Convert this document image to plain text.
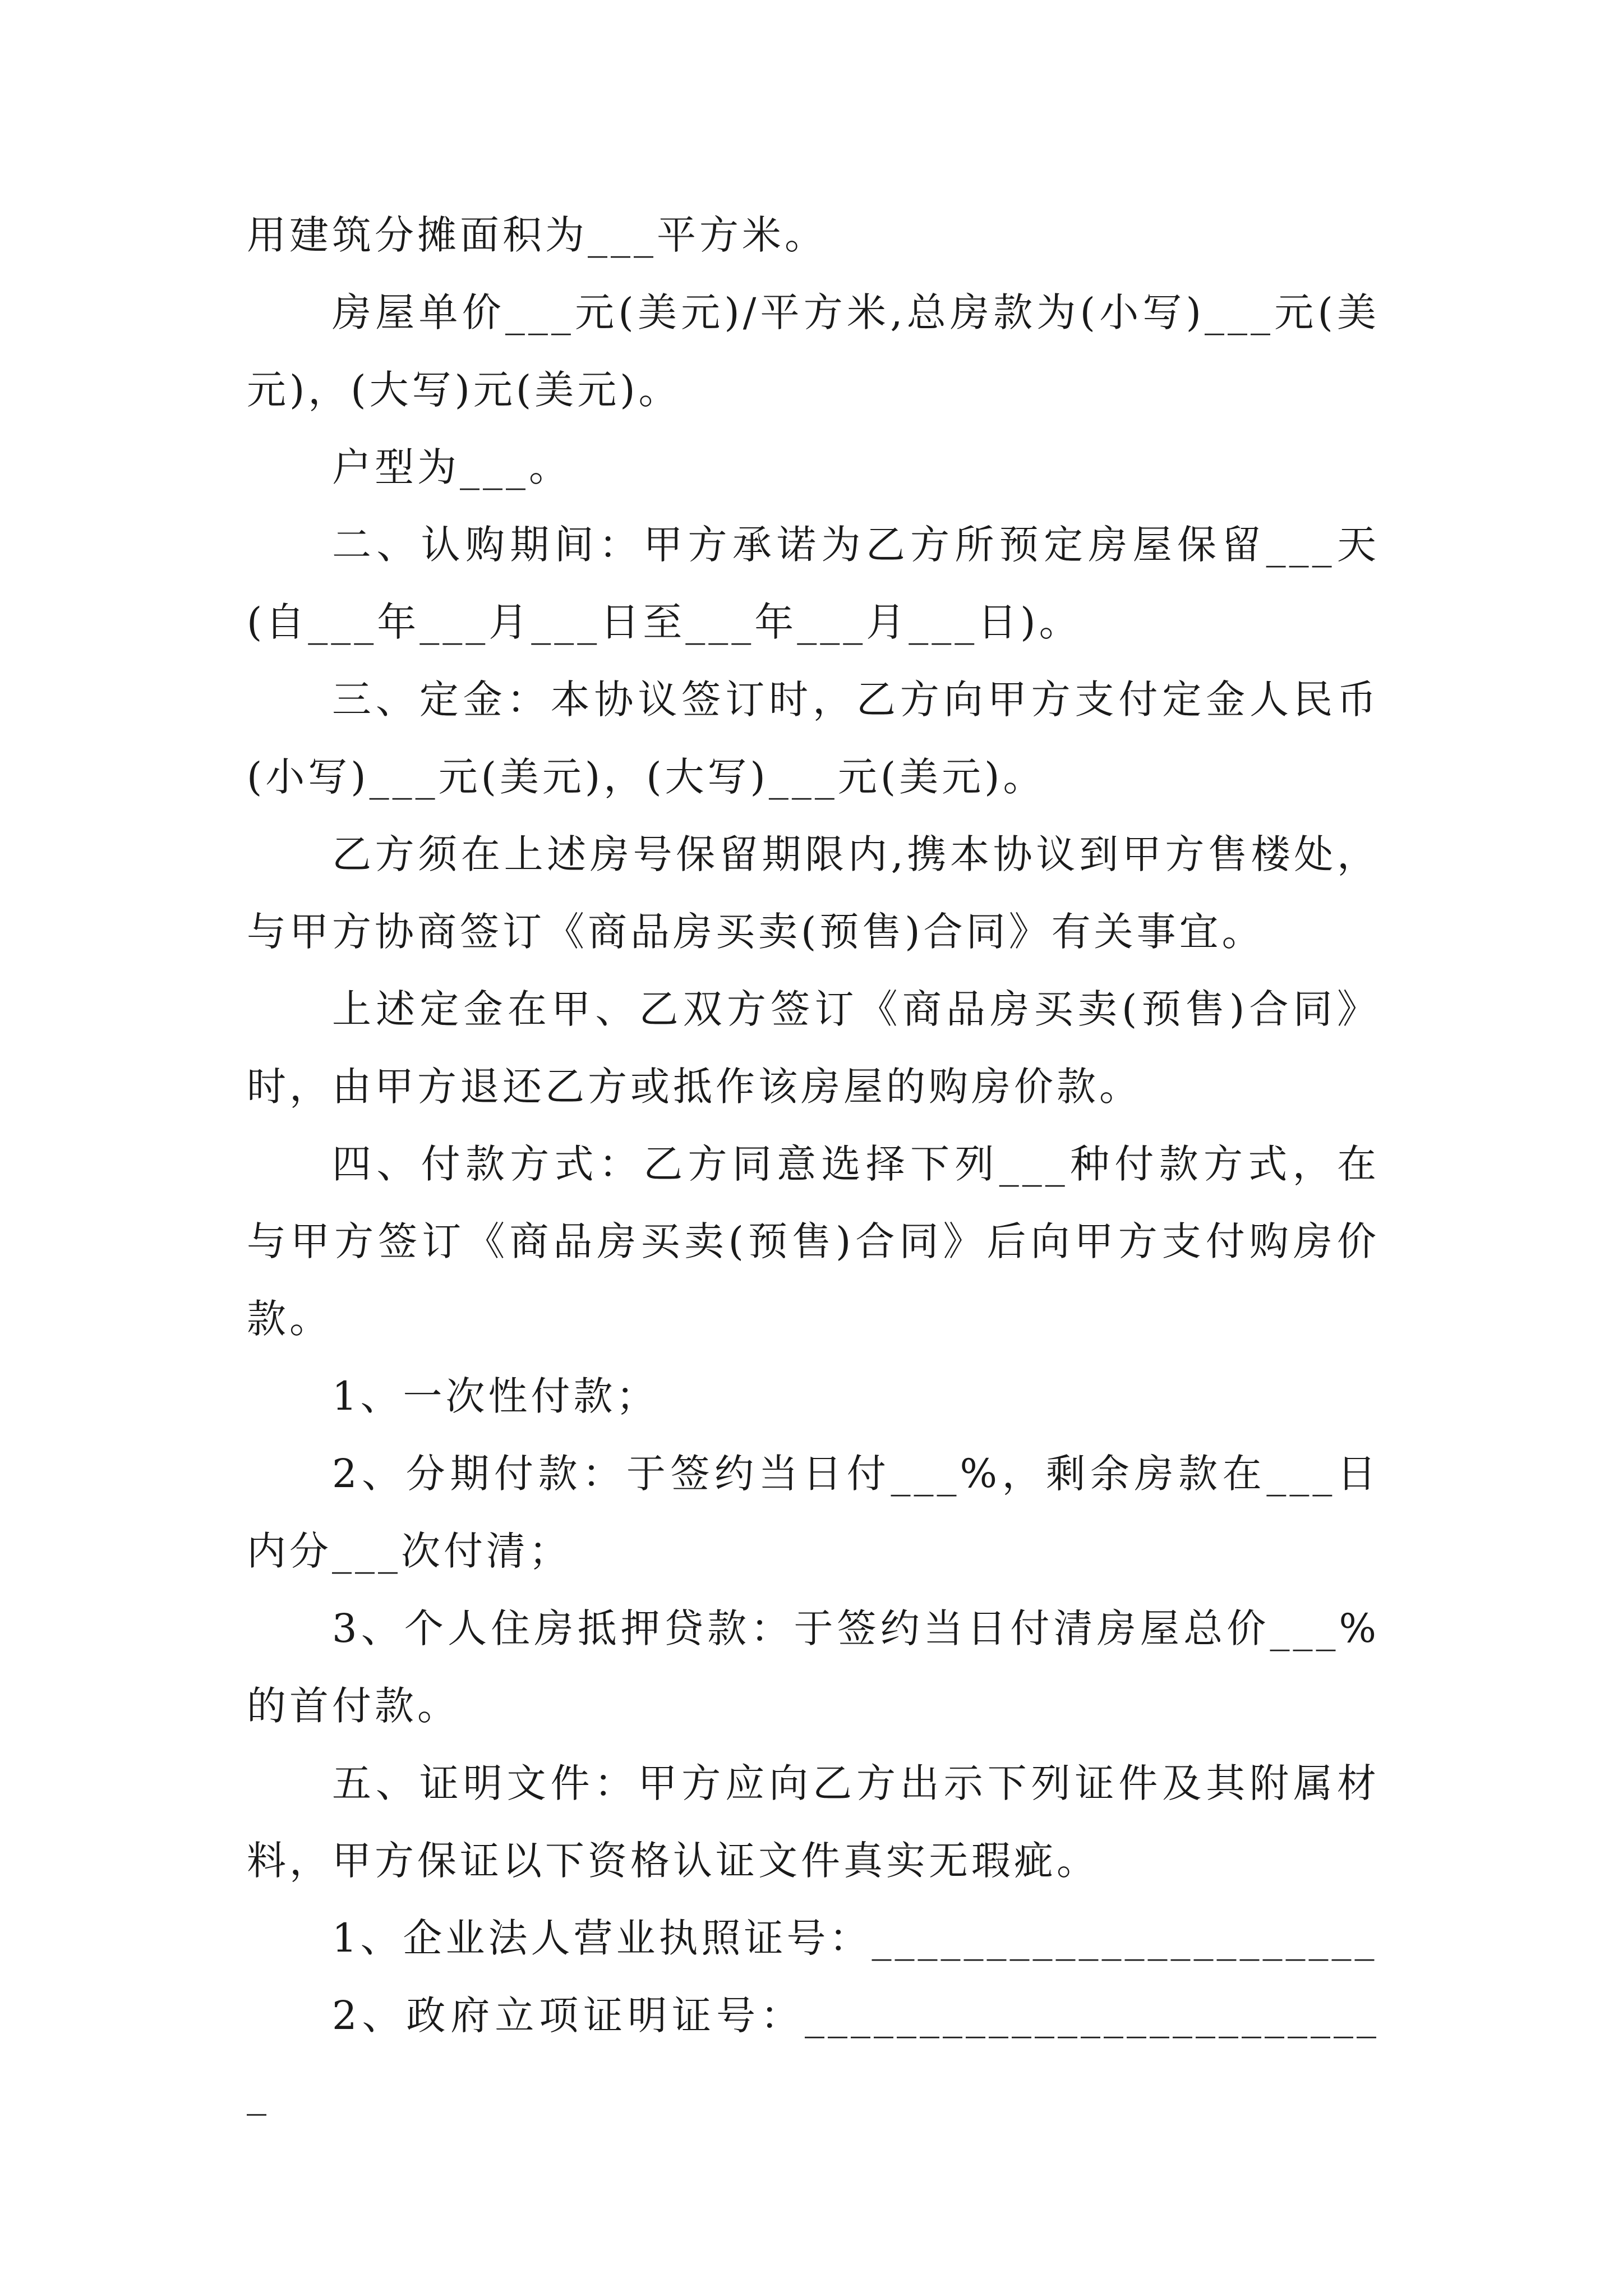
用建筑分摊面积为___平方米。

房屋单价___元(美元)/平方米,总房款为(小写)___元(美元)，(大写)元(美元)。

户型为___。

二、认购期间：甲方承诺为乙方所预定房屋保留___天(自___年___月___日至___年___月___日)。

三、定金：本协议签订时，乙方向甲方支付定金人民币(小写)___元(美元)，(大写)___元(美元)。

乙方须在上述房号保留期限内,携本协议到甲方售楼处，与甲方协商签订《商品房买卖(预售)合同》有关事宜。

上述定金在甲、乙双方签订《商品房买卖(预售)合同》时，由甲方退还乙方或抵作该房屋的购房价款。

四、付款方式：乙方同意选择下列___种付款方式，在与甲方签订《商品房买卖(预售)合同》后向甲方支付购房价款。

1、一次性付款；

2、分期付款：于签约当日付___%，剩余房款在___日内分___次付清；

3、个人住房抵押贷款：于签约当日付清房屋总价___%的首付款。

五、证明文件：甲方应向乙方出示下列证件及其附属材料，甲方保证以下资格认证文件真实无瑕疵。

1、企业法人营业执照证号：______________________

2、政府立项证明证号：__________________________
